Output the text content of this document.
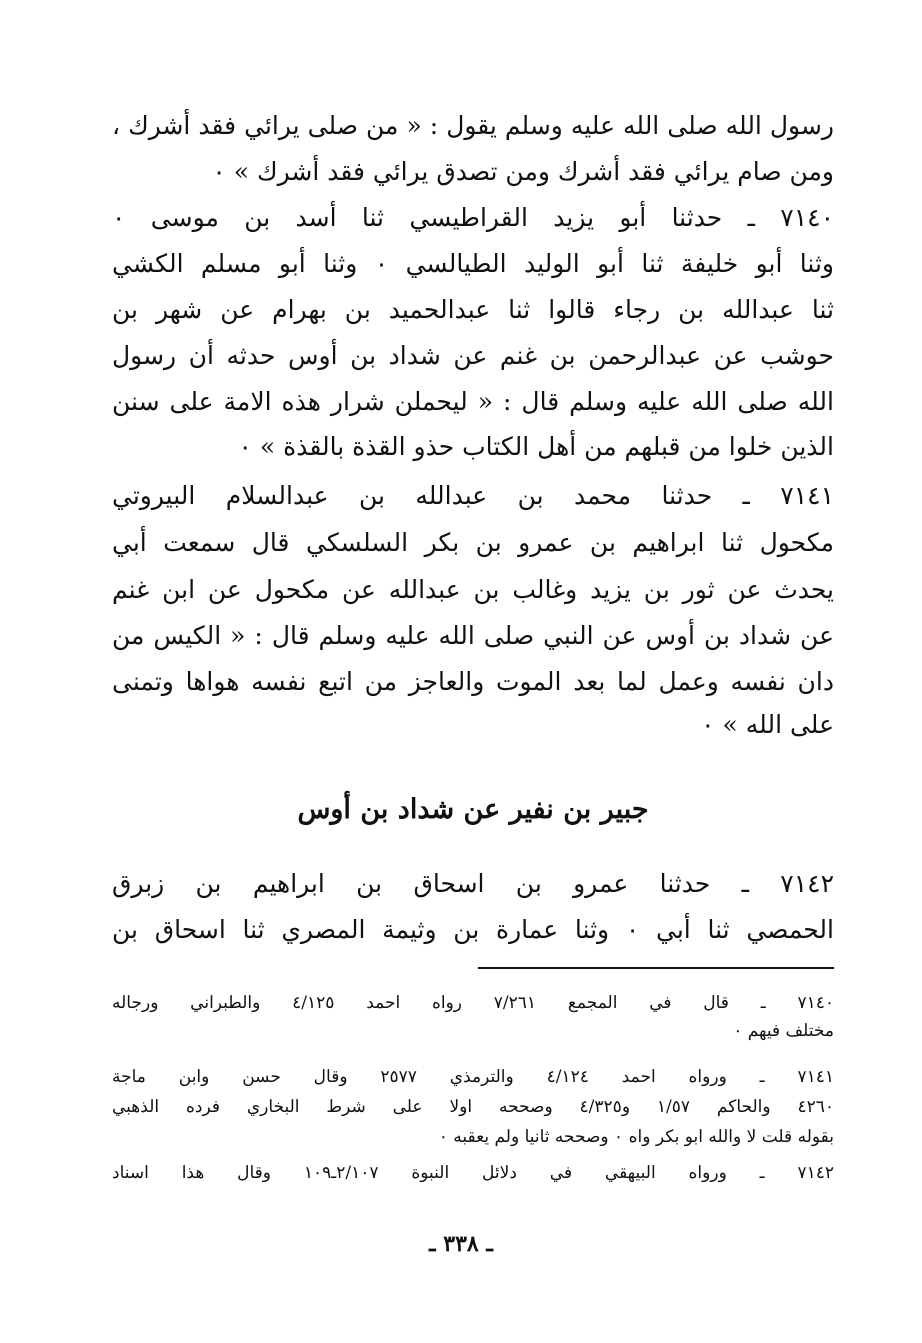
رسول الله صلى الله عليه وسلم يقول : « من صلى يرائي فقد أشرك ،
ومن صام يرائي فقد أشرك ومن تصدق يرائي فقد أشرك » ٠
٧١٤٠ ـ حدثنا أبو يزيد القراطيسي ثنا أسد بن موسى ٠
وثنا أبو خليفة ثنا أبو الوليد الطيالسي ٠ وثنا أبو مسلم الكشي
ثنا عبدالله بن رجاء قالوا ثنا عبدالحميد بن بهرام عن شهر بن
حوشب عن عبدالرحمن بن غنم عن شداد بن أوس حدثه أن رسول
الله صلى الله عليه وسلم قال : « ليحملن شرار هذه الامة على سنن
الذين خلوا من قبلهم من أهل الكتاب حذو القذة بالقذة » ٠
٧١٤١ ـ حدثنا محمد بن عبدالله بن عبدالسلام البيروتي
مكحول ثنا ابراهيم بن عمرو بن بكر السلسكي قال سمعت أبي
يحدث عن ثور بن يزيد وغالب بن عبدالله عن مكحول عن ابن غنم
عن شداد بن أوس عن النبي صلى الله عليه وسلم قال : « الكيس من
دان نفسه وعمل لما بعد الموت والعاجز من اتبع نفسه هواها وتمنى
على الله » ٠
جبير بن نفير عن شداد بن أوس
٧١٤٢ ـ حدثنا عمرو بن اسحاق بن ابراهيم بن زبرق
الحمصي ثنا أبي ٠ وثنا عمارة بن وثيمة المصري ثنا اسحاق بن
٧١٤٠ ـ قال في المجمع ٧/٢٦١ رواه احمد ٤/١٢٥ والطبراني ورجاله
مختلف فيهم ٠
٧١٤١ ـ ورواه احمد ٤/١٢٤ والترمذي ٢٥٧٧ وقال حسن وابن ماجة
٤٢٦٠ والحاكم ١/٥٧ و٤/٣٢٥ وصححه اولا على شرط البخاري فرده الذهبي
بقوله قلت لا والله ابو بكر واه ٠ وصححه ثانيا ولم يعقبه ٠
٧١٤٢ ـ ورواه البيهقي في دلائل النبوة ٢/١٠٧ـ١٠٩ وقال هذا اسناد
ـ ٣٣٨ ـ
